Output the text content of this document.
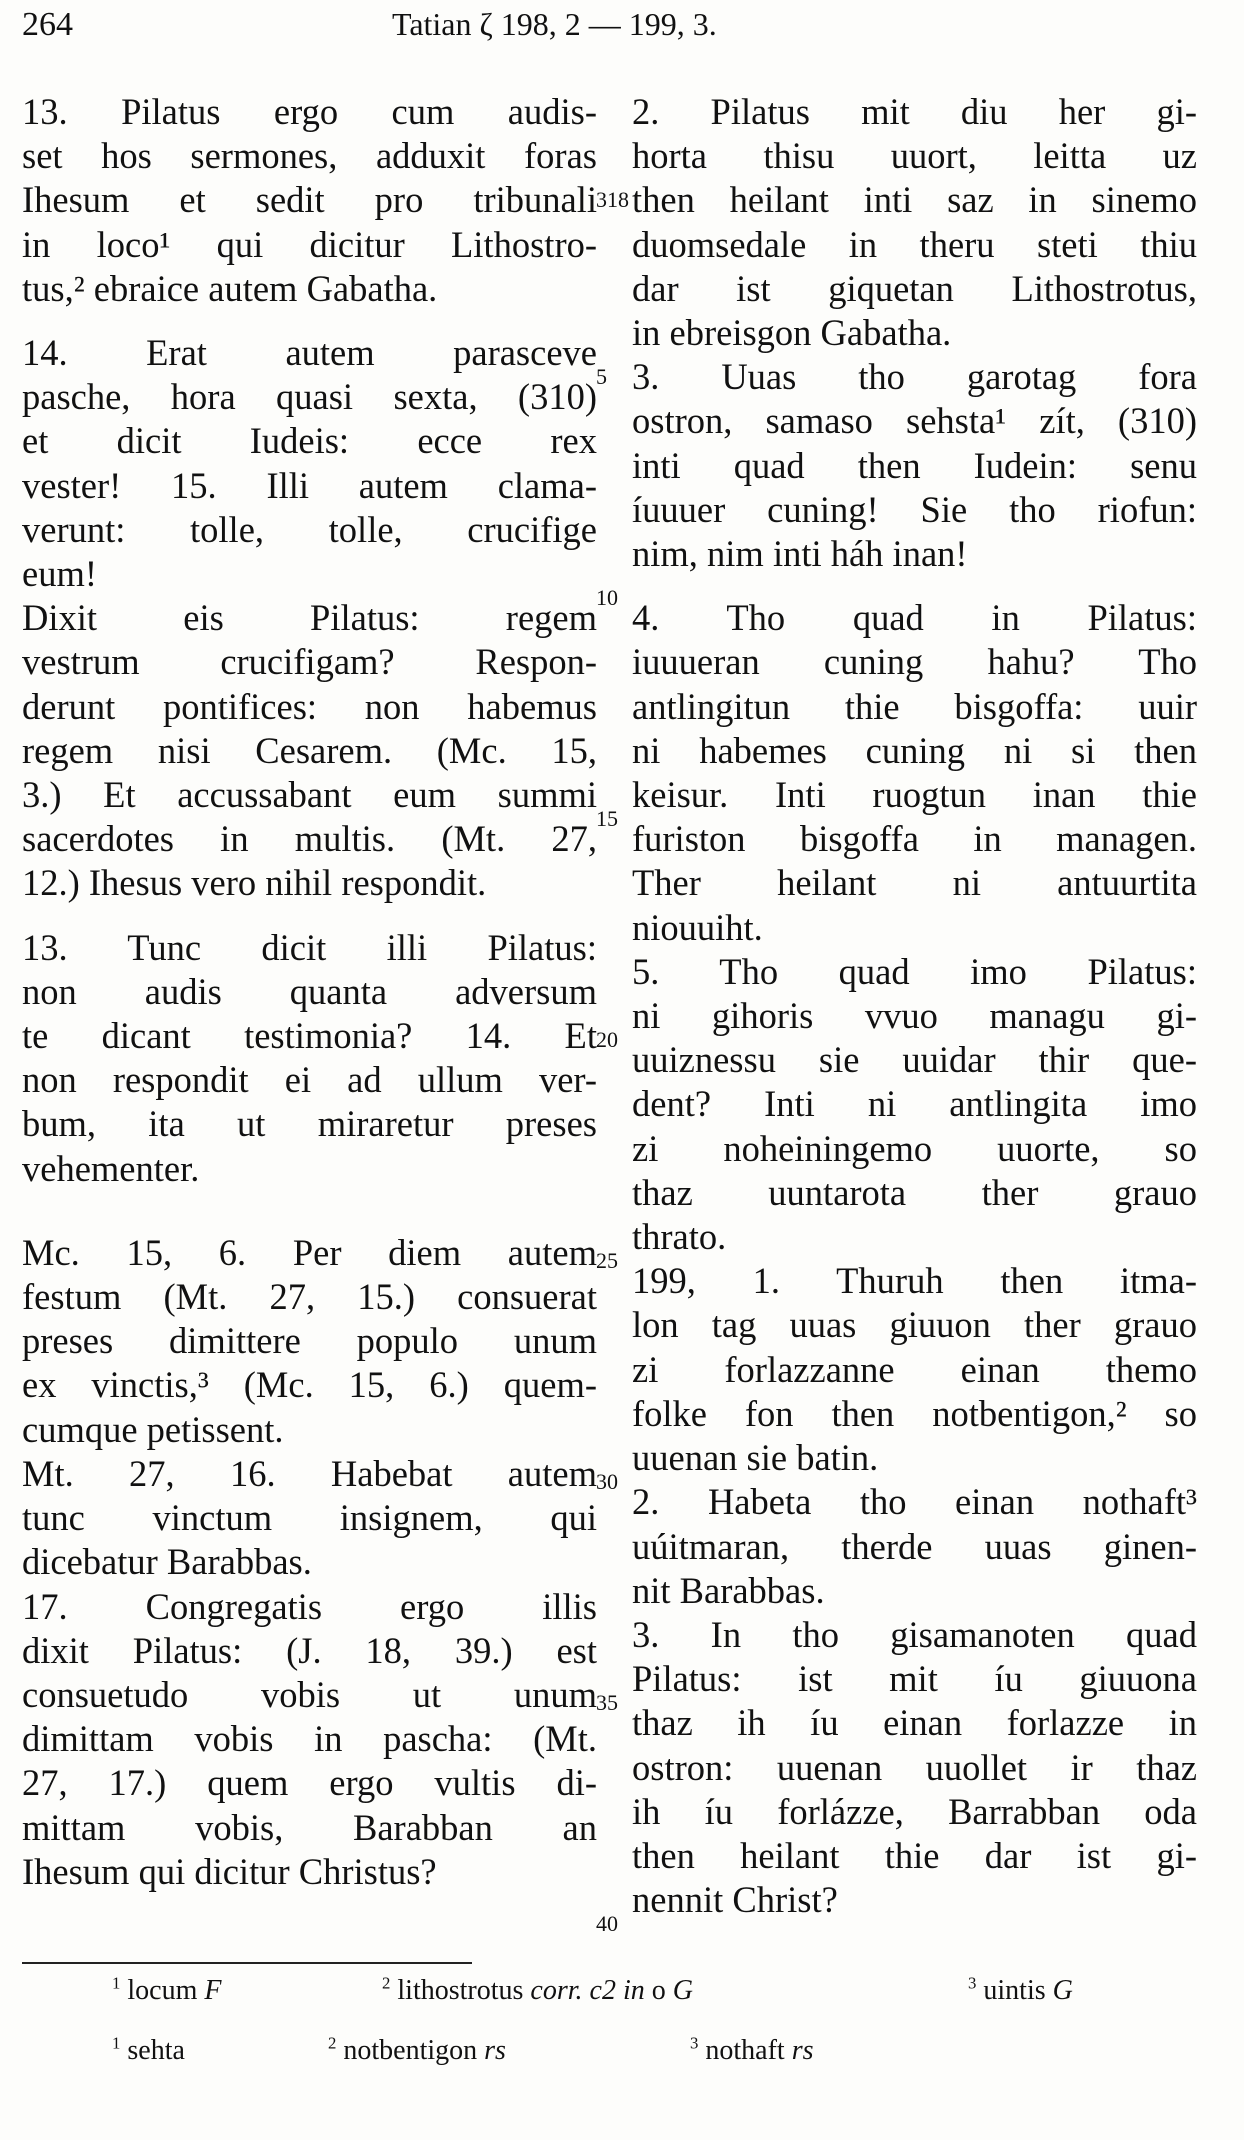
264	Tatian ζ 198, 2 — 199, 3.

13. Pilatus ergo cum audis-

set hos sermones, adduxit foras

Ihesum et sedit pro tribunali

in loco¹ qui dicitur Lithostro-

tus,² ebraice autem Gabatha.

14. Erat autem parasceve

pasche, hora quasi sexta, (310)

et dicit Iudeis: ecce rex

vester! 15. Illi autem clama-

verunt: tolle, tolle, crucifige

eum!

Dixit eis Pilatus: regem

vestrum crucifigam? Respon-

derunt pontifices: non habemus

regem nisi Cesarem. (Mc. 15,

3.) Et accussabant eum summi

sacerdotes in multis. (Mt. 27,

12.) Ihesus vero nihil respondit.

13. Tunc dicit illi Pilatus:

non audis quanta adversum

te dicant testimonia? 14. Et

non respondit ei ad ullum ver-

bum, ita ut miraretur preses

vehementer.

Mc. 15, 6. Per diem autem

festum (Mt. 27, 15.) consuerat

preses dimittere populo unum

ex vinctis,³ (Mc. 15, 6.) quem-

cumque petissent.

Mt. 27, 16. Habebat autem

tunc vinctum insignem, qui

dicebatur Barabbas.

17. Congregatis ergo illis

dixit Pilatus: (J. 18, 39.) est

consuetudo vobis ut unum

dimittam vobis in pascha: (Mt.

27, 17.) quem ergo vultis di-

mittam vobis, Barabban an

Ihesum qui dicitur Christus?

318
5
10
15
20
25
30
35
40

2. Pilatus mit diu her gi-

horta thisu uuort, leitta uz

then heilant inti saz in sinemo

duomsedale in theru steti thiu

dar ist giquetan Lithostrotus,

in ebreisgon Gabatha.

3. Uuas tho garotag fora

ostron, samaso sehsta¹ zít, (310)

inti quad then Iudein: senu

íuuuer cuning! Sie tho riofun:

nim, nim inti háh inan!

4. Tho quad in Pilatus:

iuuueran cuning hahu? Tho

antlingitun thie bisgoffa: uuir

ni habemes cuning ni si then

keisur. Inti ruogtun inan thie

furiston bisgoffa in managen.

Ther heilant ni antuurtita

niouuiht.

5. Tho quad imo Pilatus:

ni gihoris vvuo managu gi-

uuiznessu sie uuidar thir que-

dent? Inti ni antlingita imo

zi noheiningemo uuorte, so

thaz uuntarota ther grauo

thrato.

199, 1. Thuruh then itma-

lon tag uuas giuuon ther grauo

zi forlazzanne einan themo

folke fon then notbentigon,² so

uuenan sie batin.

2. Habeta tho einan nothaft³

uúitmaran, therde uuas ginen-

nit Barabbas.

3. In tho gisamanoten quad

Pilatus: ist mit íu giuuona

thaz ih íu einan forlazze in

ostron: uuenan uuollet ir thaz

ih íu forlázze, Barrabban oda

then heilant thie dar ist gi-

nennit Christ?

$^1$ locum F	$^2$ lithostrotus corr. c2 in o G	$^3$ uintis G
$^1$ sehta	$^2$ notbentigon rs	$^3$ nothaft rs
